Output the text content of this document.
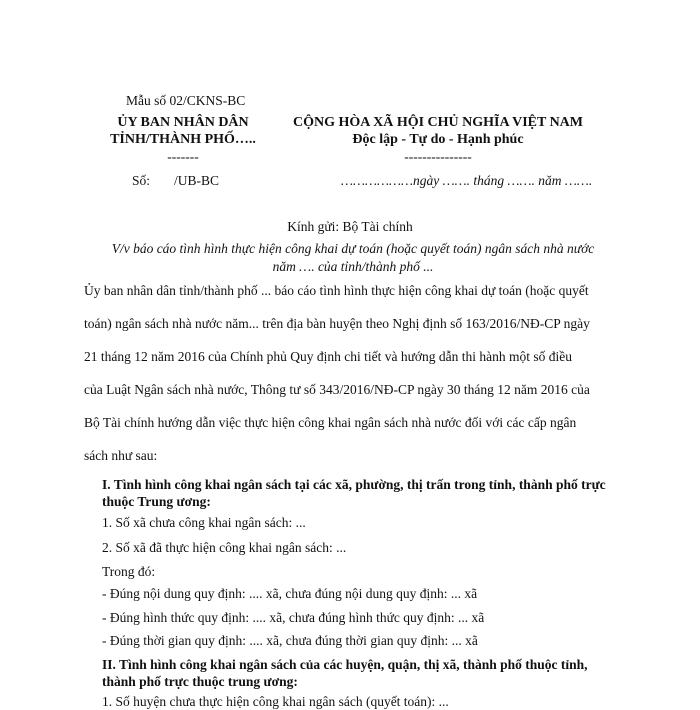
Mẫu số 02/CKNS-BC
ỦY BAN NHÂN DÂN
TỈNH/THÀNH PHỐ…..
-------
CỘNG HÒA XÃ HỘI CHỦ NGHĨA VIỆT NAM
Độc lập - Tự do - Hạnh phúc
---------------
Số: /UB-BC	………………ngày ……. tháng ……. năm …….
Kính gửi: Bộ Tài chính
V/v báo cáo tình hình thực hiện công khai dự toán (hoặc quyết toán) ngân sách nhà nước
năm …. của tỉnh/thành phố ...
Ủy ban nhân dân tỉnh/thành phố ... báo cáo tình hình thực hiện công khai dự toán (hoặc quyết
toán) ngân sách nhà nước năm... trên địa bàn huyện theo Nghị định số 163/2016/NĐ-CP ngày
21 tháng 12 năm 2016 của Chính phủ Quy định chi tiết và hướng dẫn thi hành một số điều
của Luật Ngân sách nhà nước, Thông tư số 343/2016/NĐ-CP ngày 30 tháng 12 năm 2016 của
Bộ Tài chính hướng dẫn việc thực hiện công khai ngân sách nhà nước đối với các cấp ngân
sách như sau:
I. Tình hình công khai ngân sách tại các xã, phường, thị trấn trong tỉnh, thành phố trực thuộc Trung ương:
1. Số xã chưa công khai ngân sách: ...
2. Số xã đã thực hiện công khai ngân sách: ...
Trong đó:
- Đúng nội dung quy định: .... xã, chưa đúng nội dung quy định: ... xã
- Đúng hình thức quy định: .... xã, chưa đúng hình thức quy định: ... xã
- Đúng thời gian quy định: .... xã, chưa đúng thời gian quy định: ... xã
II. Tình hình công khai ngân sách của các huyện, quận, thị xã, thành phố thuộc tỉnh, thành phố trực thuộc trung ương:
1. Số huyện chưa thực hiện công khai ngân sách (quyết toán): ...
